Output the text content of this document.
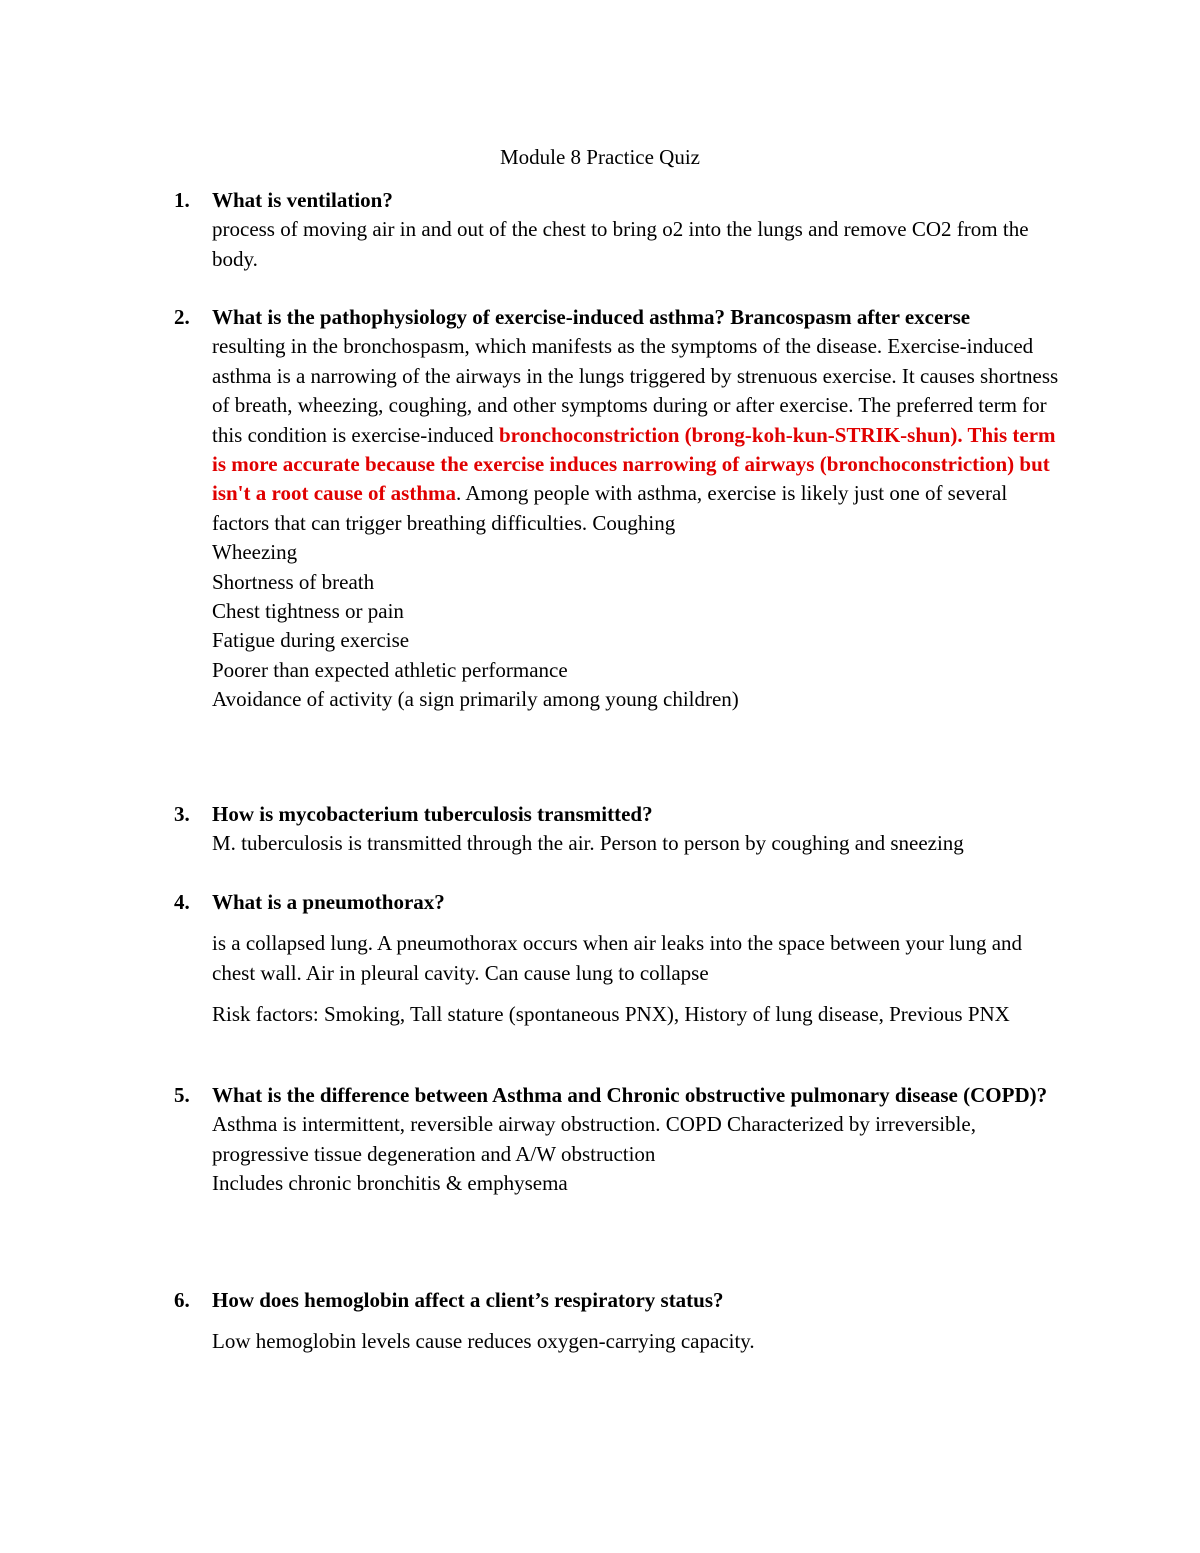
Module 8 Practice Quiz
1.	What is ventilation?
process of moving air in and out of the chest to bring o2 into the lungs and remove CO2 from the body.
2.	What is the pathophysiology of exercise-induced asthma? Brancospasm after excerse
resulting in the bronchospasm, which manifests as the symptoms of the disease. Exercise-induced asthma is a narrowing of the airways in the lungs triggered by strenuous exercise. It causes shortness of breath, wheezing, coughing, and other symptoms during or after exercise. The preferred term for this condition is exercise-induced bronchoconstriction (brong-koh-kun-STRIK-shun). This term is more accurate because the exercise induces narrowing of airways (bronchoconstriction) but isn't a root cause of asthma. Among people with asthma, exercise is likely just one of several factors that can trigger breathing difficulties. Coughing
Wheezing
Shortness of breath
Chest tightness or pain
Fatigue during exercise
Poorer than expected athletic performance
Avoidance of activity (a sign primarily among young children)
3.	How is mycobacterium tuberculosis transmitted?
M. tuberculosis is transmitted through the air. Person to person by coughing and sneezing
4.	What is a pneumothorax?
is a collapsed lung. A pneumothorax occurs when air leaks into the space between your lung and chest wall. Air in pleural cavity. Can cause lung to collapse
Risk factors: Smoking, Tall stature (spontaneous PNX), History of lung disease, Previous PNX
5.	What is the difference between Asthma and Chronic obstructive pulmonary disease (COPD)?
Asthma is intermittent, reversible airway obstruction. COPD Characterized by irreversible, progressive tissue degeneration and A/W obstruction
Includes chronic bronchitis & emphysema
6.	How does hemoglobin affect a client’s respiratory status?
Low hemoglobin levels cause reduces oxygen-carrying capacity.
